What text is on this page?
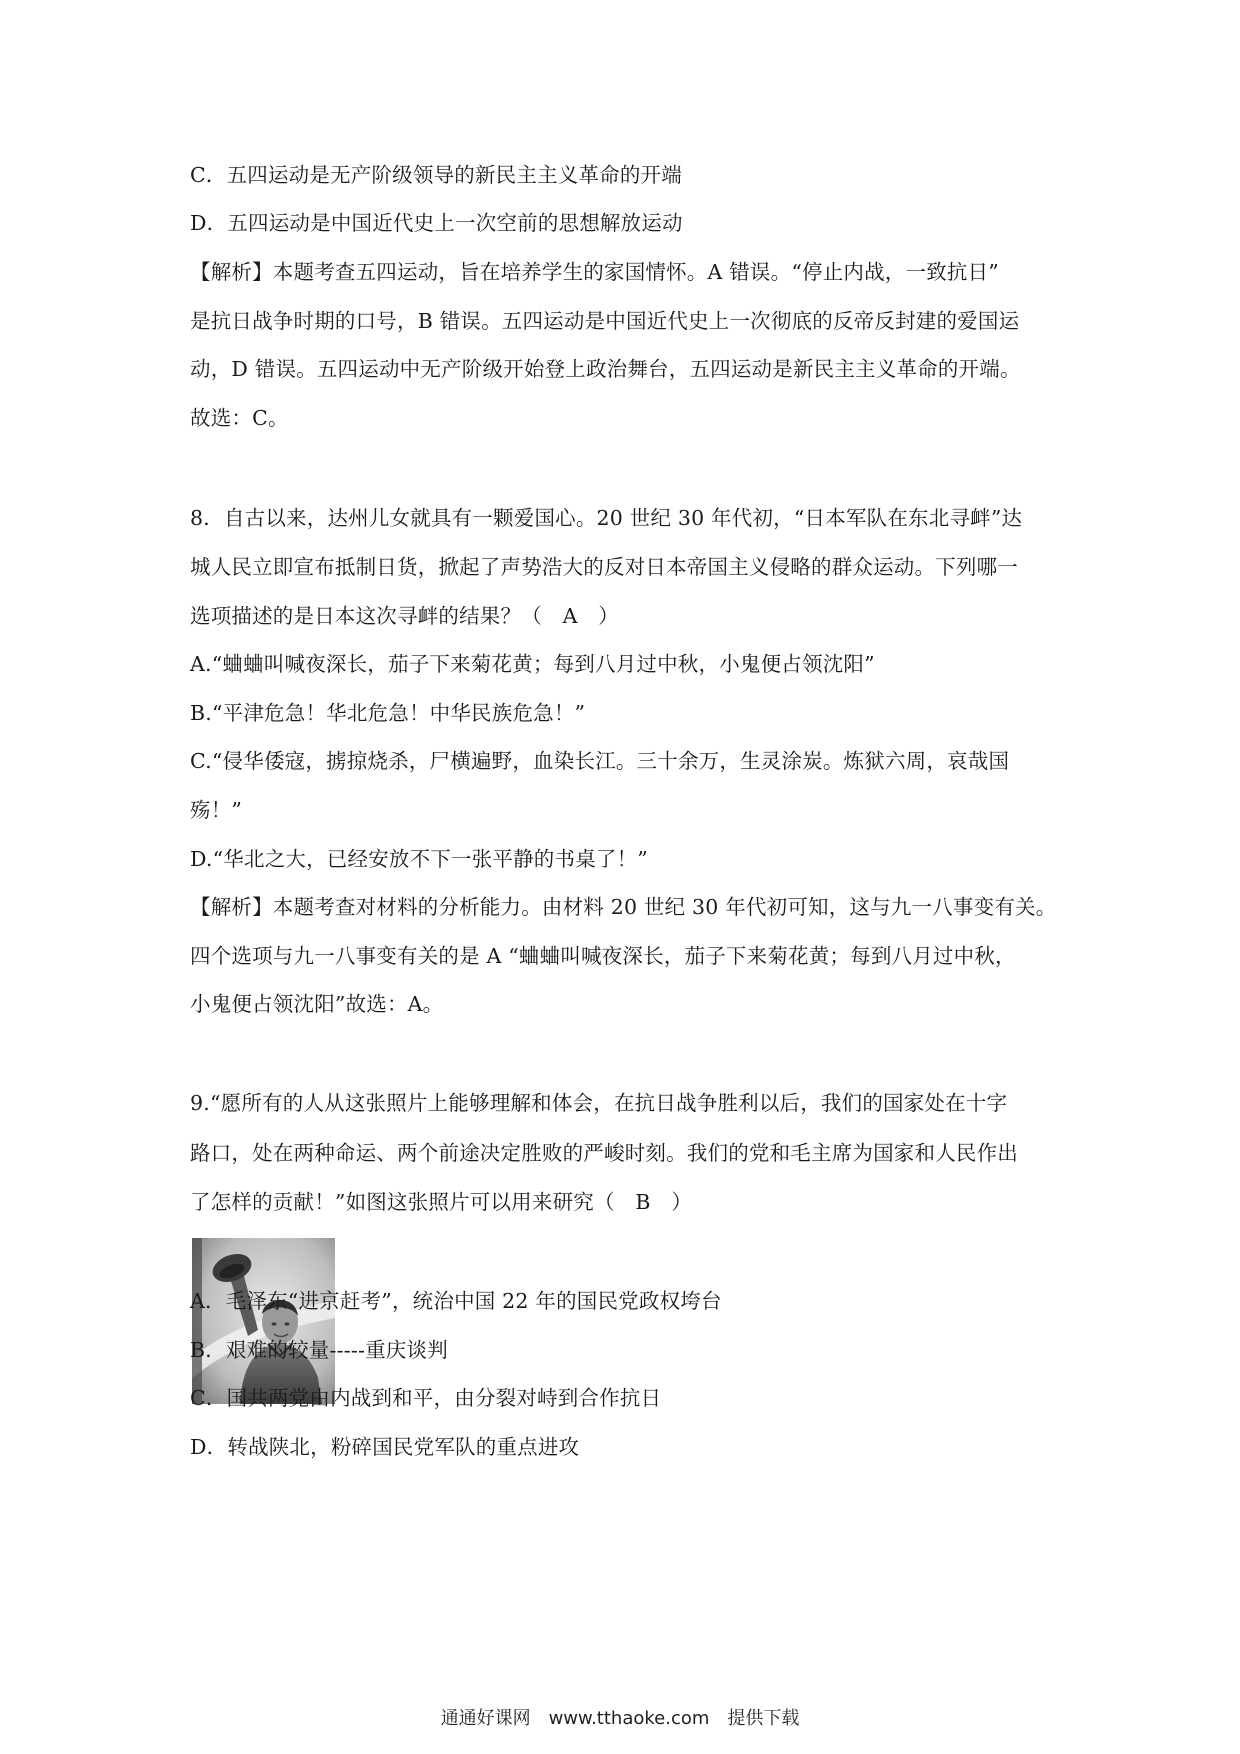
C．五四运动是无产阶级领导的新民主主义革命的开端
D．五四运动是中国近代史上一次空前的思想解放运动
【解析】本题考查五四运动，旨在培养学生的家国情怀。A 错误。“停止内战，一致抗日”
是抗日战争时期的口号，B 错误。五四运动是中国近代史上一次彻底的反帝反封建的爱国运
动，D 错误。五四运动中无产阶级开始登上政治舞台，五四运动是新民主主义革命的开端。
故选：C。
8．自古以来，达州儿女就具有一颗爱国心。20 世纪 30 年代初，“日本军队在东北寻衅”达
城人民立即宣布抵制日货，掀起了声势浩大的反对日本帝国主义侵略的群众运动。下列哪一
选项描述的是日本这次寻衅的结果？（　A　）
A.“蛐蛐叫喊夜深长，茄子下来菊花黄；每到八月过中秋，小鬼便占领沈阳”
B.“平津危急！华北危急！中华民族危急！”
C.“侵华倭寇，掳掠烧杀，尸横遍野，血染长江。三十余万，生灵涂炭。炼狱六周，哀哉国
殇！”
D.“华北之大，已经安放不下一张平静的书桌了！”
【解析】本题考查对材料的分析能力。由材料 20 世纪 30 年代初可知，这与九一八事变有关。
四个选项与九一八事变有关的是 A “蛐蛐叫喊夜深长，茄子下来菊花黄；每到八月过中秋，
小鬼便占领沈阳”故选：A。
9.“愿所有的人从这张照片上能够理解和体会，在抗日战争胜利以后，我们的国家处在十字
路口，处在两种命运、两个前途决定胜败的严峻时刻。我们的党和毛主席为国家和人民作出
了怎样的贡献！”如图这张照片可以用来研究（　B　）
A．毛泽东“进京赶考”，统治中国 22 年的国民党政权垮台
B．艰难的较量-----重庆谈判
C．国共两党由内战到和平，由分裂对峙到合作抗日
D．转战陕北，粉碎国民党军队的重点进攻
通通好课网　www.tthaoke.com　提供下载
